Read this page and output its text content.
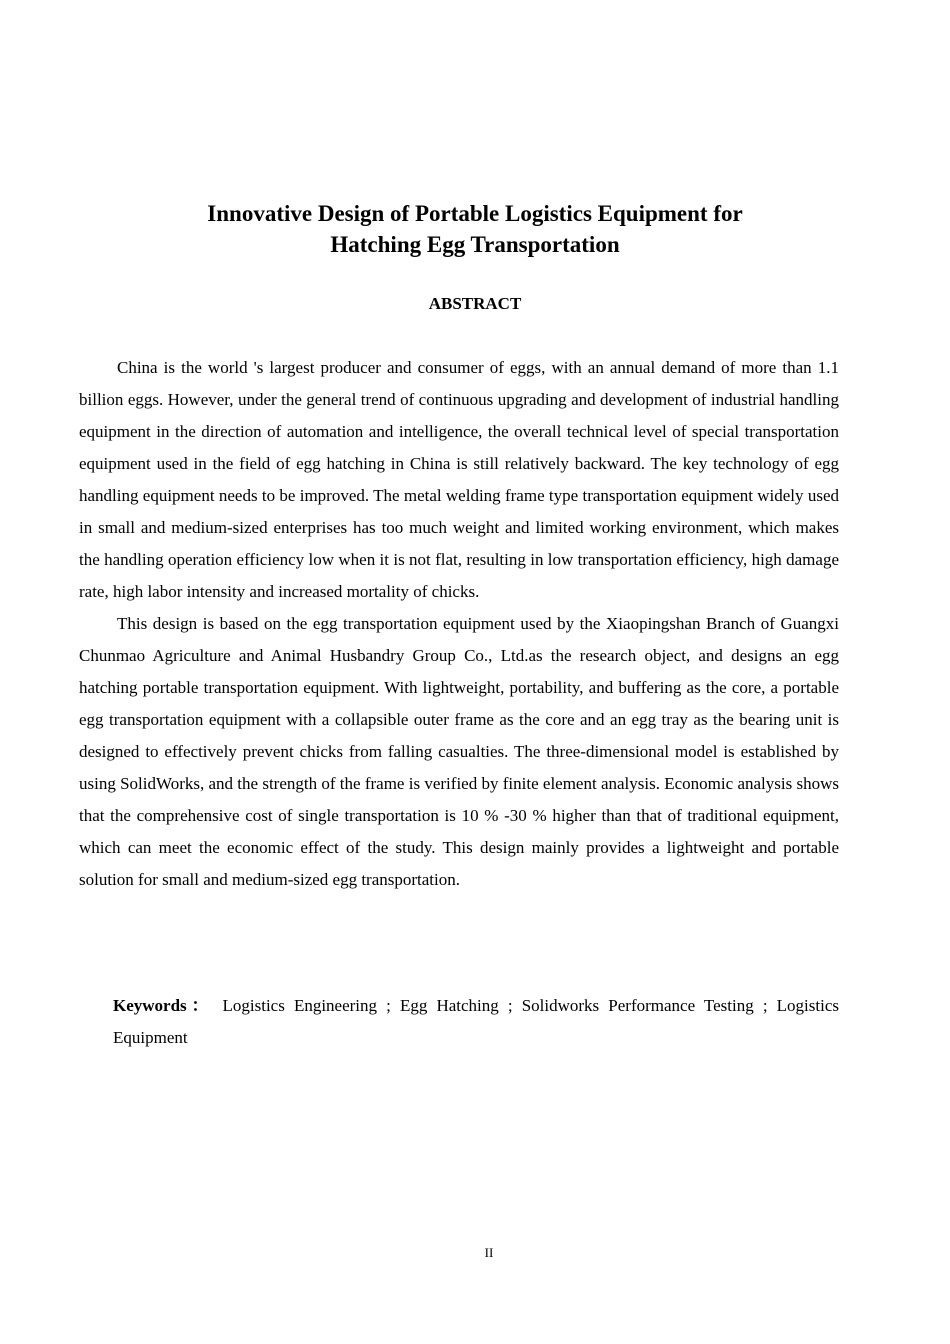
Innovative Design of Portable Logistics Equipment for
Hatching Egg Transportation
ABSTRACT

China is the world 's largest producer and consumer of eggs, with an annual demand of more than 1.1 billion eggs. However, under the general trend of continuous upgrading and development of industrial handling equipment in the direction of automation and intelligence, the overall technical level of special transportation equipment used in the field of egg hatching in China is still relatively backward. The key technology of egg handling equipment needs to be improved. The metal welding frame type transportation equipment widely used in small and medium-sized enterprises has too much weight and limited working environment, which makes the handling operation efficiency low when it is not flat, resulting in low transportation efficiency, high damage rate, high labor intensity and increased mortality of chicks.

This design is based on the egg transportation equipment used by the Xiaopingshan Branch of Guangxi Chunmao Agriculture and Animal Husbandry Group Co., Ltd.as the research object, and designs an egg hatching portable transportation equipment. With lightweight, portability, and buffering as the core, a portable egg transportation equipment with a collapsible outer frame as the core and an egg tray as the bearing unit is designed to effectively prevent chicks from falling casualties. The three-dimensional model is established by using SolidWorks, and the strength of the frame is verified by finite element analysis. Economic analysis shows that the comprehensive cost of single transportation is 10 % -30 % higher than that of traditional equipment, which can meet the economic effect of the study. This design mainly provides a lightweight and portable solution for small and medium-sized egg transportation.

Keywords： Logistics Engineering ; Egg Hatching ; Solidworks Performance Testing ; Logistics Equipment

II
